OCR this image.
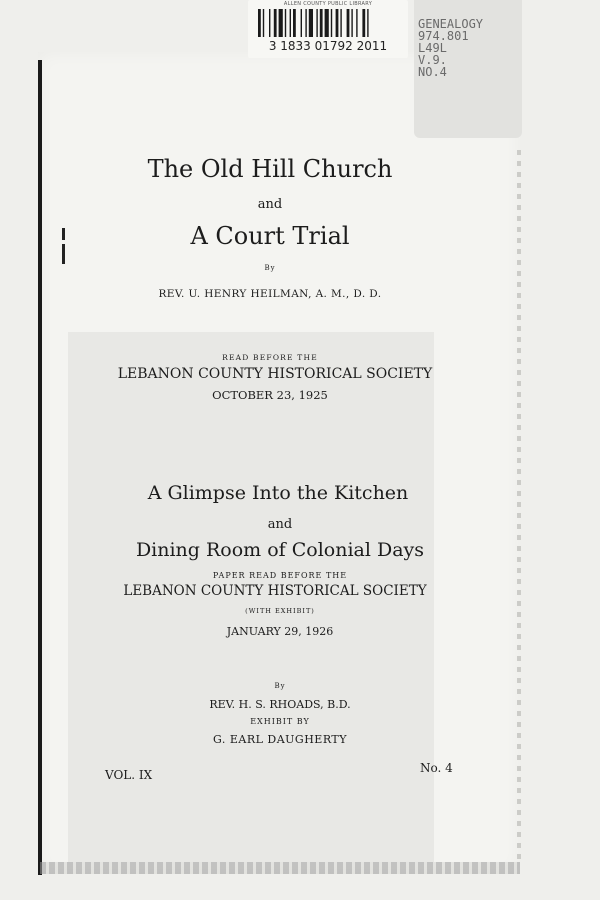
ALLEN COUNTY PUBLIC LIBRARY
3 1833 01792 2011
GENEALOGY
974.801
L49L
V.9.
NO.4
The Old Hill Church
and
A Court Trial
By
REV. U. HENRY HEILMAN, A. M., D. D.
READ BEFORE THE
LEBANON COUNTY HISTORICAL SOCIETY
OCTOBER 23, 1925
A Glimpse Into the Kitchen
and
Dining Room of Colonial Days
PAPER READ BEFORE THE
LEBANON COUNTY HISTORICAL SOCIETY
(WITH EXHIBIT)
JANUARY 29, 1926
By
REV. H. S. RHOADS, B.D.
EXHIBIT BY
G. EARL DAUGHERTY
VOL. IX	No. 4
